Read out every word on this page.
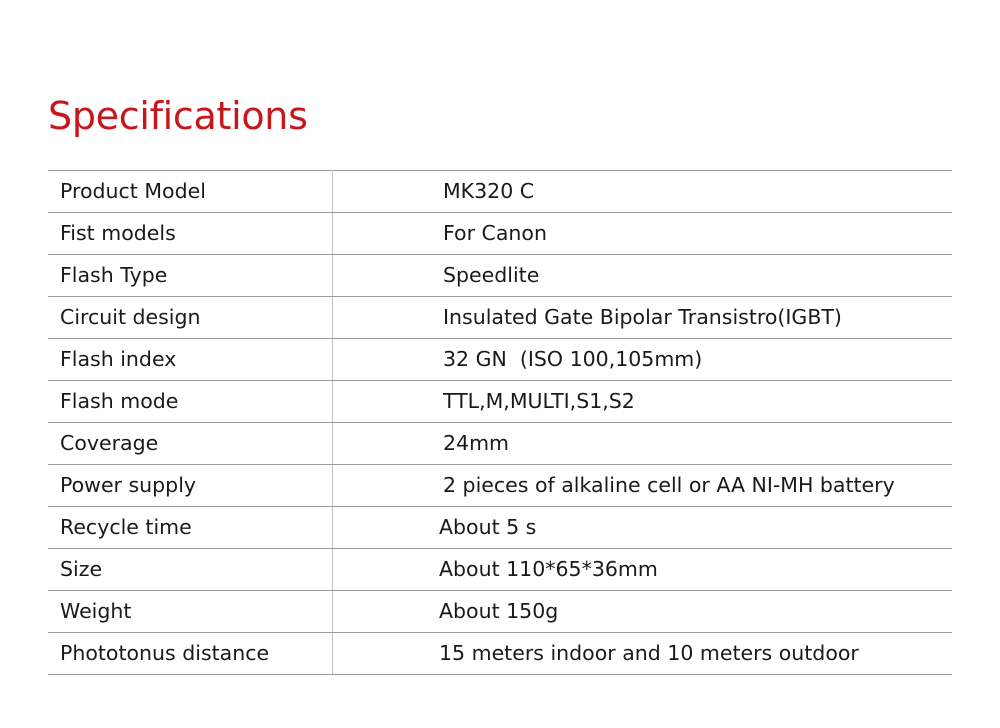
Specifications
Product Model	MK320 C
Fist models	For Canon
Flash Type	Speedlite
Circuit design	Insulated Gate Bipolar Transistro(IGBT)
Flash index	32 GN  (ISO 100,105mm)
Flash mode	TTL,M,MULTI,S1,S2
Coverage	24mm
Power supply	2 pieces of alkaline cell or AA NI-MH battery
Recycle time	About 5 s
Size	About 110*65*36mm
Weight	About 150g
Phototonus distance	15 meters indoor and 10 meters outdoor
